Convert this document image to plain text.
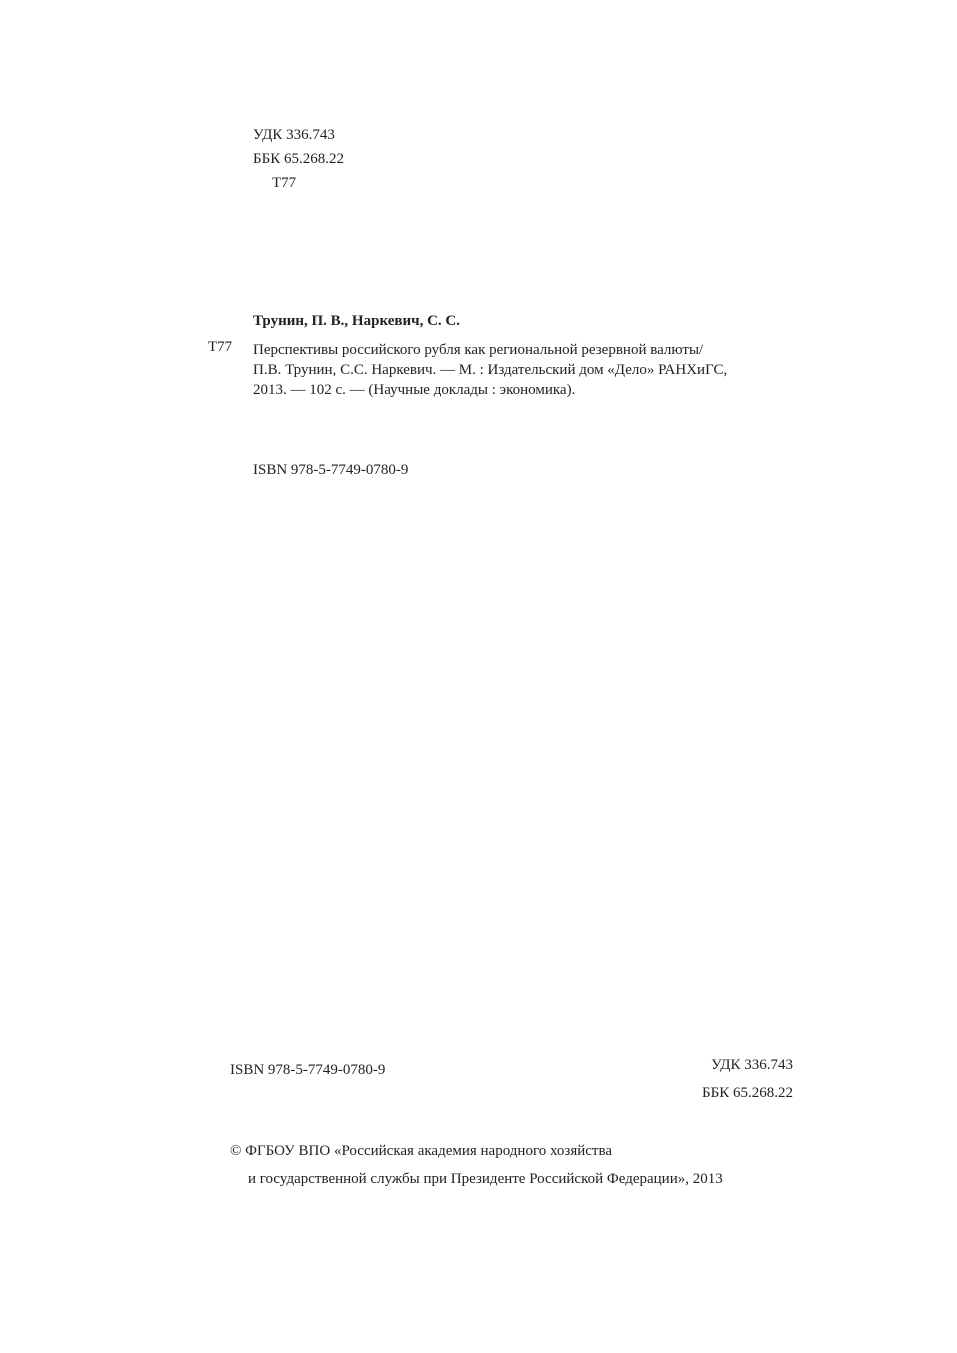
УДК 336.743
ББК 65.268.22
Т77
Трунин, П. В., Наркевич, С. С.
Т77 Перспективы российского рубля как региональной резервной валюты/
П.В. Трунин, С.С. Наркевич. — М. : Издательский дом «Дело» РАНХиГС,
2013. — 102 с. — (Научные доклады : экономика).
ISBN 978-5-7749-0780-9
ISBN 978-5-7749-0780-9	УДК 336.743
ББК 65.268.22
© ФГБОУ ВПО «Российская академия народного хозяйства
и государственной службы при Президенте Российской Федерации», 2013
